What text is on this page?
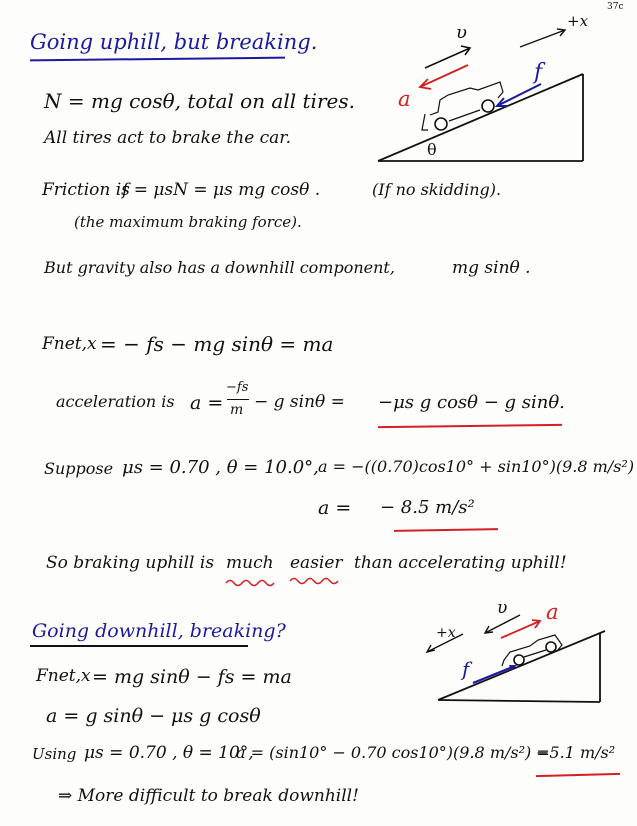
37c
Going uphill, but breaking.
N = mg cosθ, total on all tires.
All tires act to brake the car.
υ
+x
a
f
θ
Friction is
f = μsN = μs mg cosθ .	(If no skidding).
(the maximum braking force).
But gravity also has a downhill component,	mg sinθ .
Fnet,x = − fs − mg sinθ = ma
acceleration is a =
−fs
m − g sinθ = −μs g cosθ − g sinθ.
Suppose μs = 0.70 , θ = 10.0°, a = −((0.70)cos10° + sin10°)(9.8 m/s²)
a = − 8.5 m/s²
So braking uphill is much easier than accelerating uphill!
Going downhill, breaking?
Fnet,x = mg sinθ − fs = ma
a = g sinθ − μs g cosθ
+x
υ a
f
Using μs = 0.70 , θ = 10°,
a = (sin10° − 0.70 cos10°)(9.8 m/s²) =
−5.1 m/s²
⇒ More difficult to break downhill!
